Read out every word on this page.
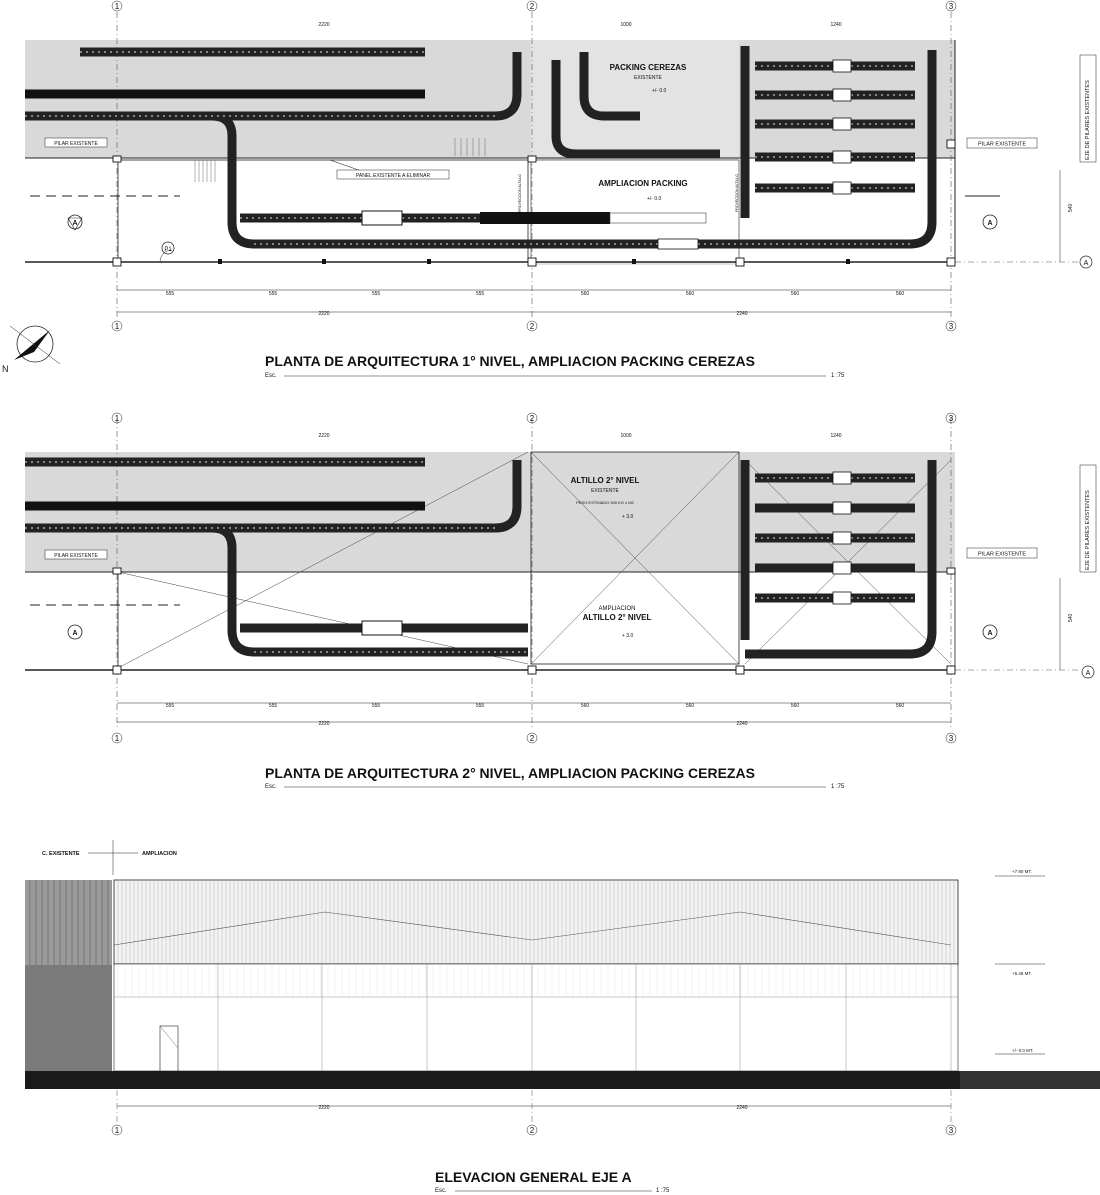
1	2	3
2220	1000	1240
PACKING CEREZAS
EXISTENTE
+/- 0.0
AMPLIACION PACKING
+/- 0.0
PILAR EXISTENTE	PILAR EXISTENTE
PANEL EXISTENTE A ELIMINAR	PROYECCION ALTILLO	PROYECCION ALTILLO
EJE DE PILARES EXISTENTES
A	A
P1
A
540
555	555	555	555	560	560	560	560
2220	2240
1	2	3
N	PLANTA DE ARQUITECTURA 1° NIVEL, AMPLIACION PACKING CEREZAS
Esc.	1 :75
1	2	3
2220	1000	1240
ALTILLO 2° NIVEL
EXISTENTE
PESO ESTIMADO 300 KG x M2
+ 3.0
AMPLIACION
ALTILLO 2° NIVEL
+ 3.0
PILAR EXISTENTE	PILAR EXISTENTE	EJE DE PILARES EXISTENTES
A	A
A
540
555	555	555	555	560	560	560	560
2220	2240
1	2	3
PLANTA DE ARQUITECTURA 2° NIVEL, AMPLIACION PACKING CEREZAS
Esc.	1 :75
C. EXISTENTE	AMPLIACION
+7.90 MT.
+5.45 MT.
+/- 0.0 MT.
2220	2240
1	2	3
ELEVACION GENERAL EJE A
Esc.	1 :75
